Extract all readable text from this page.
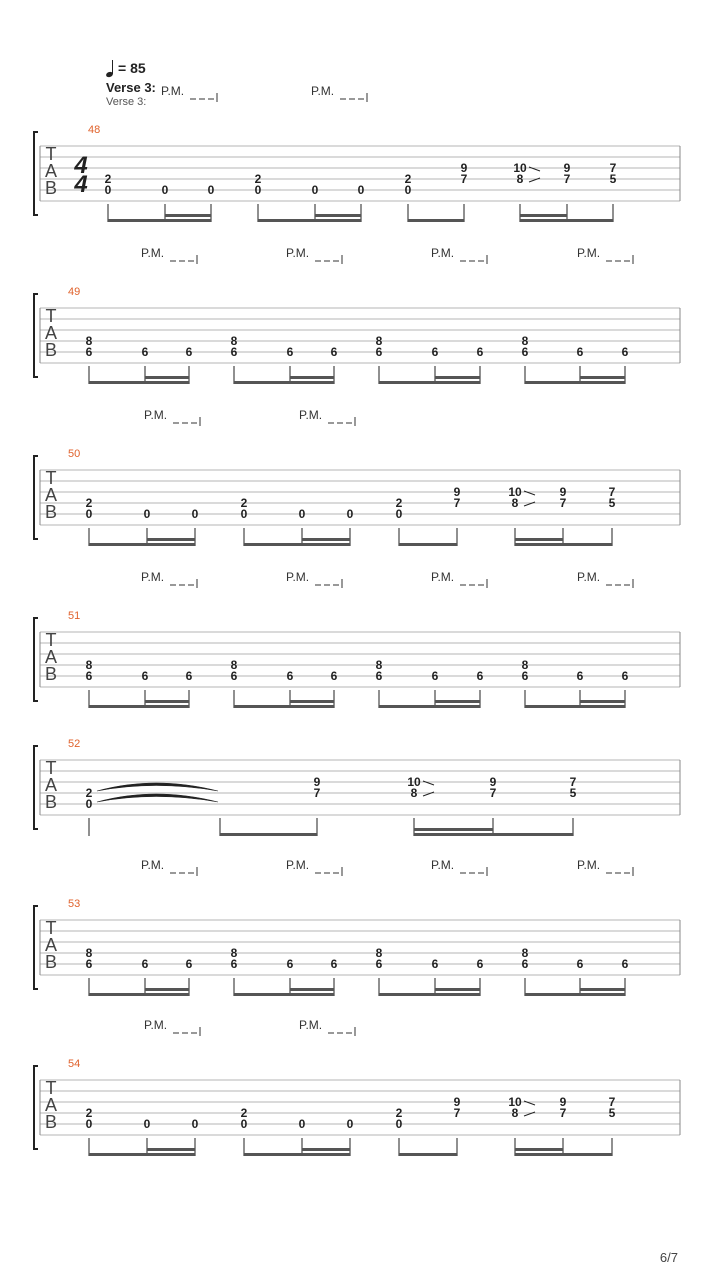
= 85
Verse 3:
Verse 3:
T
A
B
48
4
4
P.M.	P.M.
2
0	0	0
2
0	0	0
2
0
9
7
10
8
9
7
7
5
T
A
B
49
P.M.	P.M.	P.M.	P.M.
8
6	6	6
8
6	6	6
8
6	6	6
8
6	6	6
T
A
B
50
P.M.	P.M.
2
0	0	0
2
0	0	0
2
0
9
7
10
8
9
7
7
5
T
A
B
51
P.M.	P.M.	P.M.	P.M.
8
6	6	6
8
6	6	6
8
6	6	6
8
6	6	6
T
A
B
52
2
0
9
7
10
8
9
7
7
5
T
A
B
53
P.M.	P.M.	P.M.	P.M.
8
6	6	6
8
6	6	6
8
6	6	6
8
6	6	6
T
A
B
54
P.M.	P.M.
2
0	0	0
2
0	0	0
2
0
9
7
10
8
9
7
7
5
6/7
